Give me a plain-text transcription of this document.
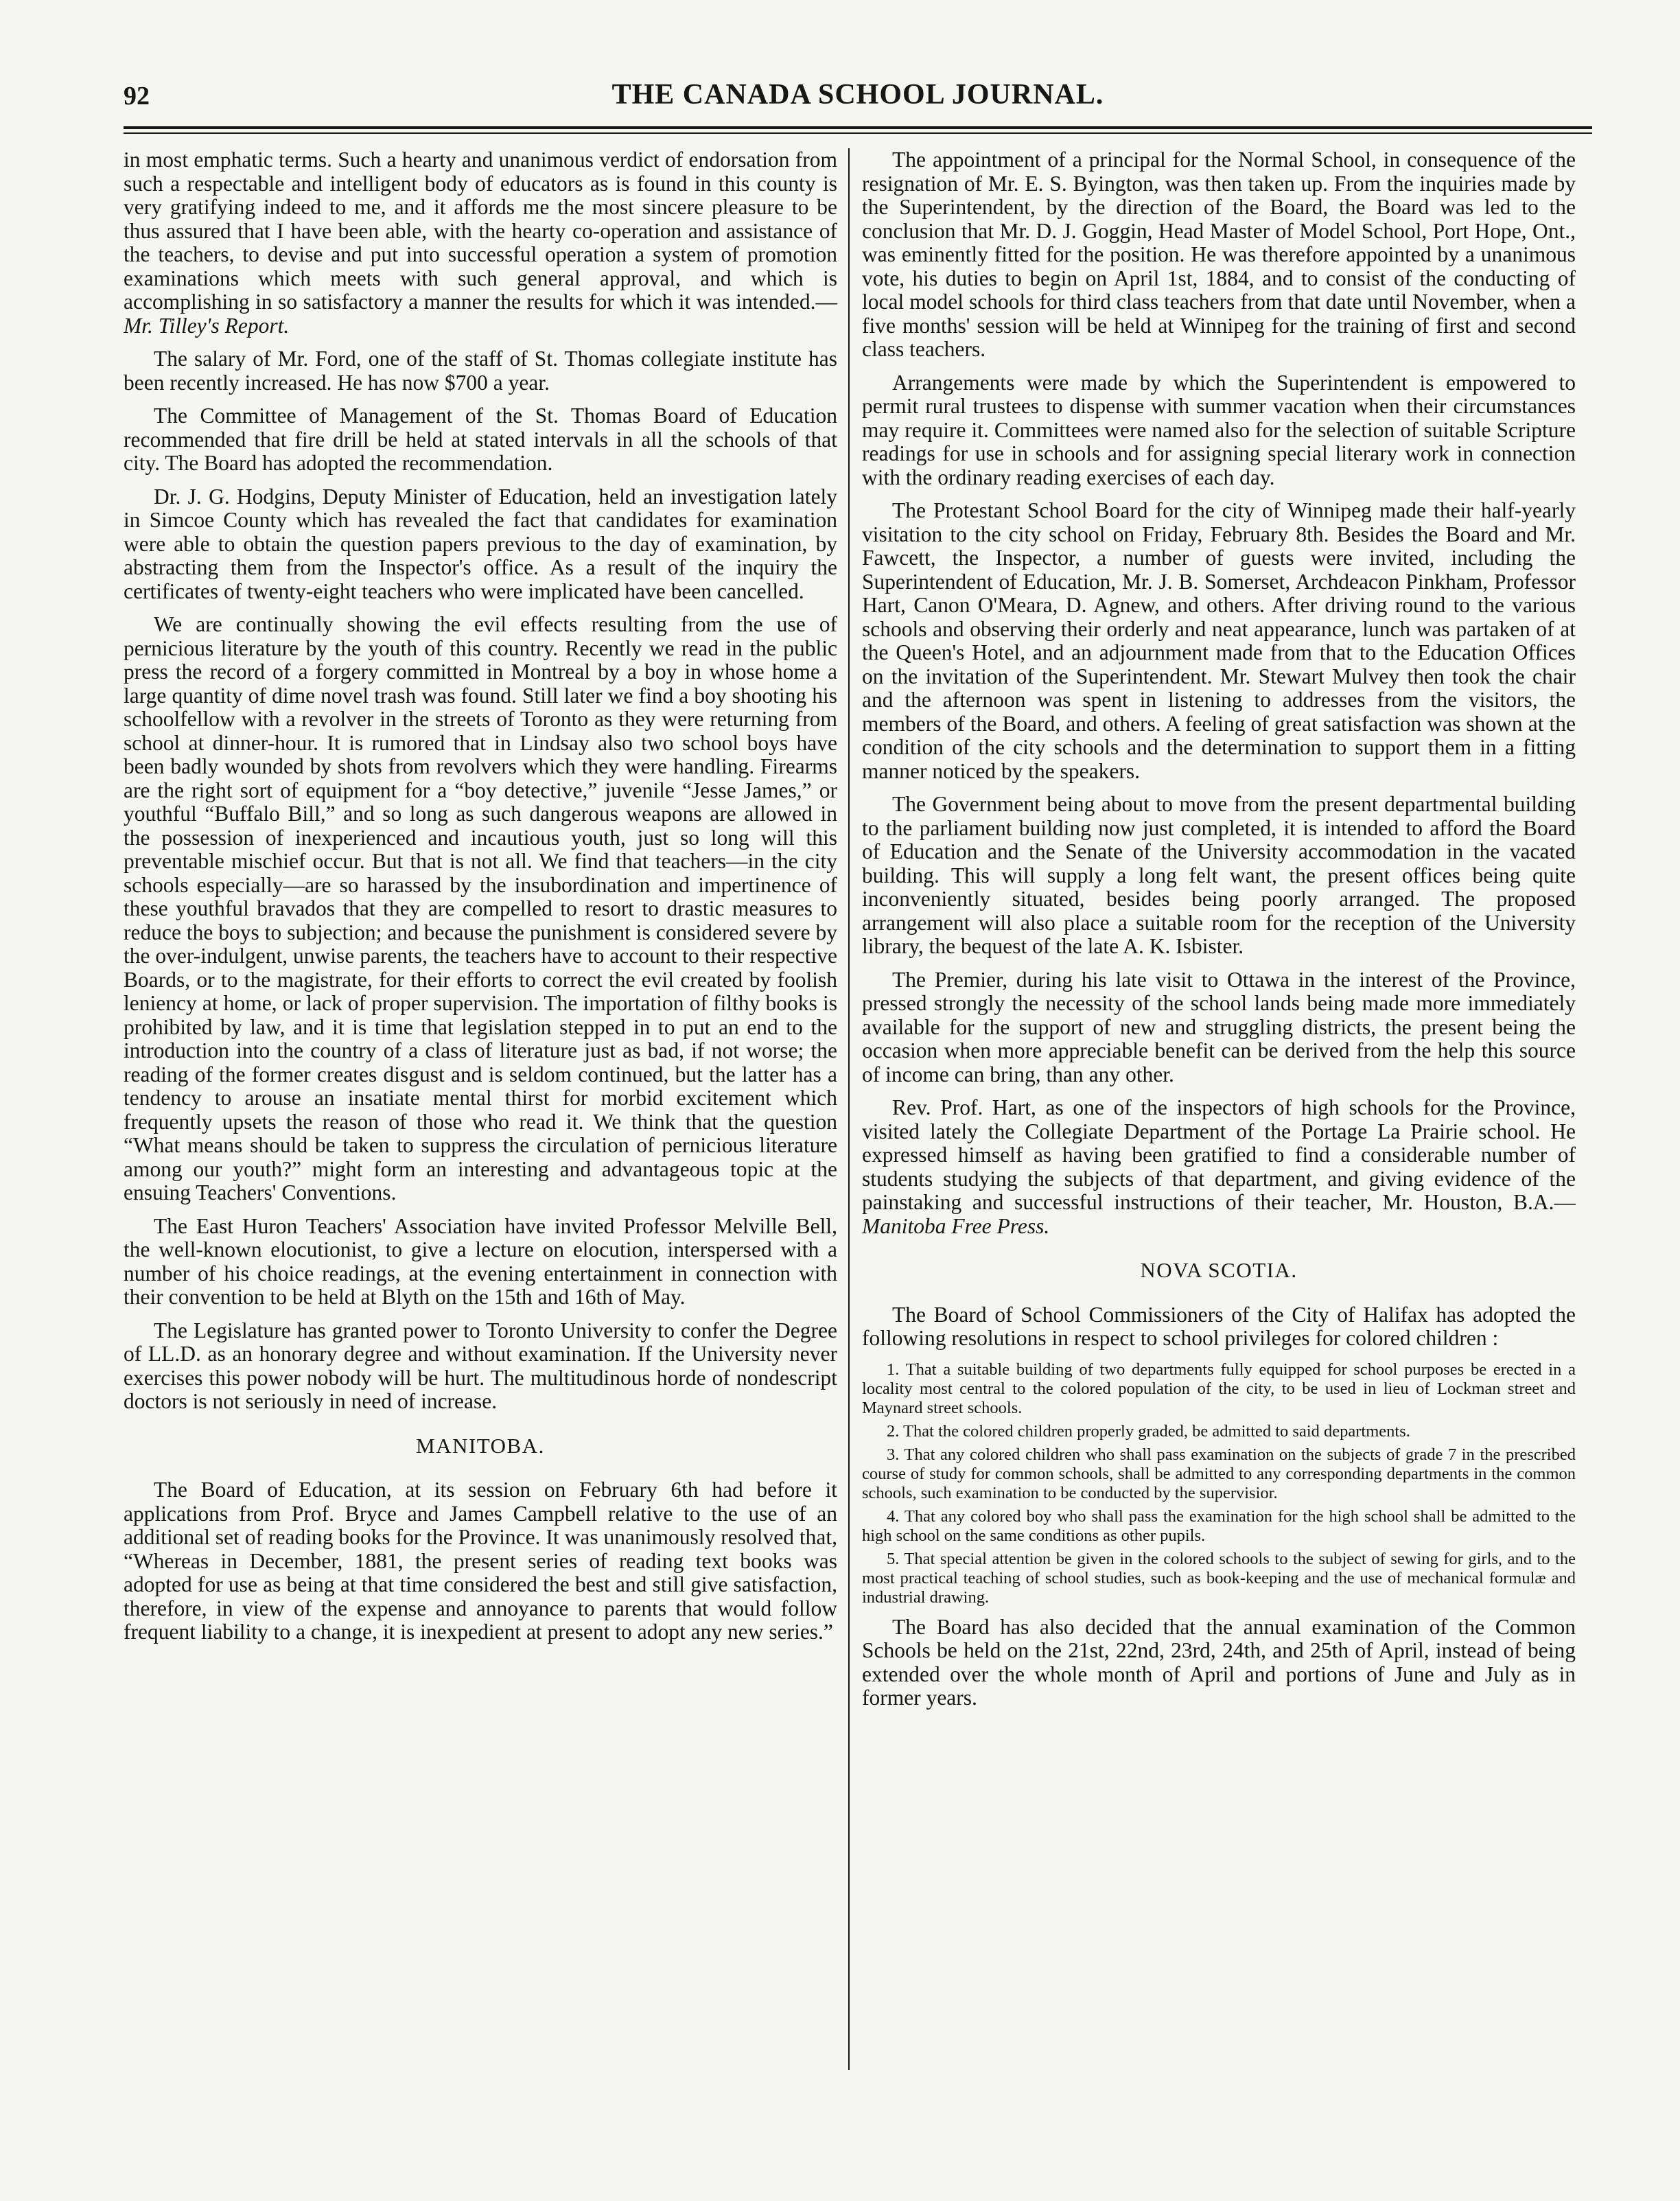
92	THE CANADA SCHOOL JOURNAL.

in most emphatic terms. Such a hearty and unanimous verdict of endorsation from such a respectable and intelligent body of educators as is found in this county is very gratifying indeed to me, and it affords me the most sincere pleasure to be thus assured that I have been able, with the hearty co-operation and assistance of the teachers, to devise and put into successful operation a system of promotion examinations which meets with such general approval, and which is accomplishing in so satisfactory a manner the results for which it was intended.—Mr. Tilley's Report.

The salary of Mr. Ford, one of the staff of St. Thomas collegiate institute has been recently increased. He has now $700 a year.

The Committee of Management of the St. Thomas Board of Education recommended that fire drill be held at stated intervals in all the schools of that city. The Board has adopted the recommendation.

Dr. J. G. Hodgins, Deputy Minister of Education, held an investigation lately in Simcoe County which has revealed the fact that candidates for examination were able to obtain the question papers previous to the day of examination, by abstracting them from the Inspector's office. As a result of the inquiry the certificates of twenty-eight teachers who were implicated have been cancelled.

We are continually showing the evil effects resulting from the use of pernicious literature by the youth of this country. Recently we read in the public press the record of a forgery committed in Montreal by a boy in whose home a large quantity of dime novel trash was found. Still later we find a boy shooting his schoolfellow with a revolver in the streets of Toronto as they were returning from school at dinner-hour. It is rumored that in Lindsay also two school boys have been badly wounded by shots from revolvers which they were handling. Firearms are the right sort of equipment for a “boy detective,” juvenile “Jesse James,” or youthful “Buffalo Bill,” and so long as such dangerous weapons are allowed in the possession of inexperienced and incautious youth, just so long will this preventable mischief occur. But that is not all. We find that teachers—in the city schools especially—are so harassed by the insubordination and impertinence of these youthful bravados that they are compelled to resort to drastic measures to reduce the boys to subjection; and because the punishment is considered severe by the over-indulgent, unwise parents, the teachers have to account to their respective Boards, or to the magistrate, for their efforts to correct the evil created by foolish leniency at home, or lack of proper supervision. The importation of filthy books is prohibited by law, and it is time that legislation stepped in to put an end to the introduction into the country of a class of literature just as bad, if not worse; the reading of the former creates disgust and is seldom continued, but the latter has a tendency to arouse an insatiate mental thirst for morbid excitement which frequently upsets the reason of those who read it. We think that the question “What means should be taken to suppress the circulation of pernicious literature among our youth?” might form an interesting and advantageous topic at the ensuing Teachers' Conventions.

The East Huron Teachers' Association have invited Professor Melville Bell, the well-known elocutionist, to give a lecture on elocution, interspersed with a number of his choice readings, at the evening entertainment in connection with their convention to be held at Blyth on the 15th and 16th of May.

The Legislature has granted power to Toronto University to confer the Degree of LL.D. as an honorary degree and without examination. If the University never exercises this power nobody will be hurt. The multitudinous horde of nondescript doctors is not seriously in need of increase.

MANITOBA.

The Board of Education, at its session on February 6th had before it applications from Prof. Bryce and James Campbell relative to the use of an additional set of reading books for the Province. It was unanimously resolved that, “Whereas in December, 1881, the present series of reading text books was adopted for use as being at that time considered the best and still give satisfaction, therefore, in view of the expense and annoyance to parents that would follow frequent liability to a change, it is inexpedient at present to adopt any new series.”

The appointment of a principal for the Normal School, in consequence of the resignation of Mr. E. S. Byington, was then taken up. From the inquiries made by the Superintendent, by the direction of the Board, the Board was led to the conclusion that Mr. D. J. Goggin, Head Master of Model School, Port Hope, Ont., was eminently fitted for the position. He was therefore appointed by a unanimous vote, his duties to begin on April 1st, 1884, and to consist of the conducting of local model schools for third class teachers from that date until November, when a five months' session will be held at Winnipeg for the training of first and second class teachers.

Arrangements were made by which the Superintendent is empowered to permit rural trustees to dispense with summer vacation when their circumstances may require it. Committees were named also for the selection of suitable Scripture readings for use in schools and for assigning special literary work in connection with the ordinary reading exercises of each day.

The Protestant School Board for the city of Winnipeg made their half-yearly visitation to the city school on Friday, February 8th. Besides the Board and Mr. Fawcett, the Inspector, a number of guests were invited, including the Superintendent of Education, Mr. J. B. Somerset, Archdeacon Pinkham, Professor Hart, Canon O'Meara, D. Agnew, and others. After driving round to the various schools and observing their orderly and neat appearance, lunch was partaken of at the Queen's Hotel, and an adjournment made from that to the Education Offices on the invitation of the Superintendent. Mr. Stewart Mulvey then took the chair and the afternoon was spent in listening to addresses from the visitors, the members of the Board, and others. A feeling of great satisfaction was shown at the condition of the city schools and the determination to support them in a fitting manner noticed by the speakers.

The Government being about to move from the present departmental building to the parliament building now just completed, it is intended to afford the Board of Education and the Senate of the University accommodation in the vacated building. This will supply a long felt want, the present offices being quite inconveniently situated, besides being poorly arranged. The proposed arrangement will also place a suitable room for the reception of the University library, the bequest of the late A. K. Isbister.

The Premier, during his late visit to Ottawa in the interest of the Province, pressed strongly the necessity of the school lands being made more immediately available for the support of new and struggling districts, the present being the occasion when more appreciable benefit can be derived from the help this source of income can bring, than any other.

Rev. Prof. Hart, as one of the inspectors of high schools for the Province, visited lately the Collegiate Department of the Portage La Prairie school. He expressed himself as having been gratified to find a considerable number of students studying the subjects of that department, and giving evidence of the painstaking and successful instructions of their teacher, Mr. Houston, B.A.—Manitoba Free Press.

NOVA SCOTIA.

The Board of School Commissioners of the City of Halifax has adopted the following resolutions in respect to school privileges for colored children :

1. That a suitable building of two departments fully equipped for school purposes be erected in a locality most central to the colored population of the city, to be used in lieu of Lockman street and Maynard street schools.

2. That the colored children properly graded, be admitted to said departments.

3. That any colored children who shall pass examination on the subjects of grade 7 in the prescribed course of study for common schools, shall be admitted to any corresponding departments in the common schools, such examination to be conducted by the supervisior.

4. That any colored boy who shall pass the examination for the high school shall be admitted to the high school on the same conditions as other pupils.

5. That special attention be given in the colored schools to the subject of sewing for girls, and to the most practical teaching of school studies, such as book-keeping and the use of mechanical formulæ and industrial drawing.

The Board has also decided that the annual examination of the Common Schools be held on the 21st, 22nd, 23rd, 24th, and 25th of April, instead of being extended over the whole month of April and portions of June and July as in former years.
